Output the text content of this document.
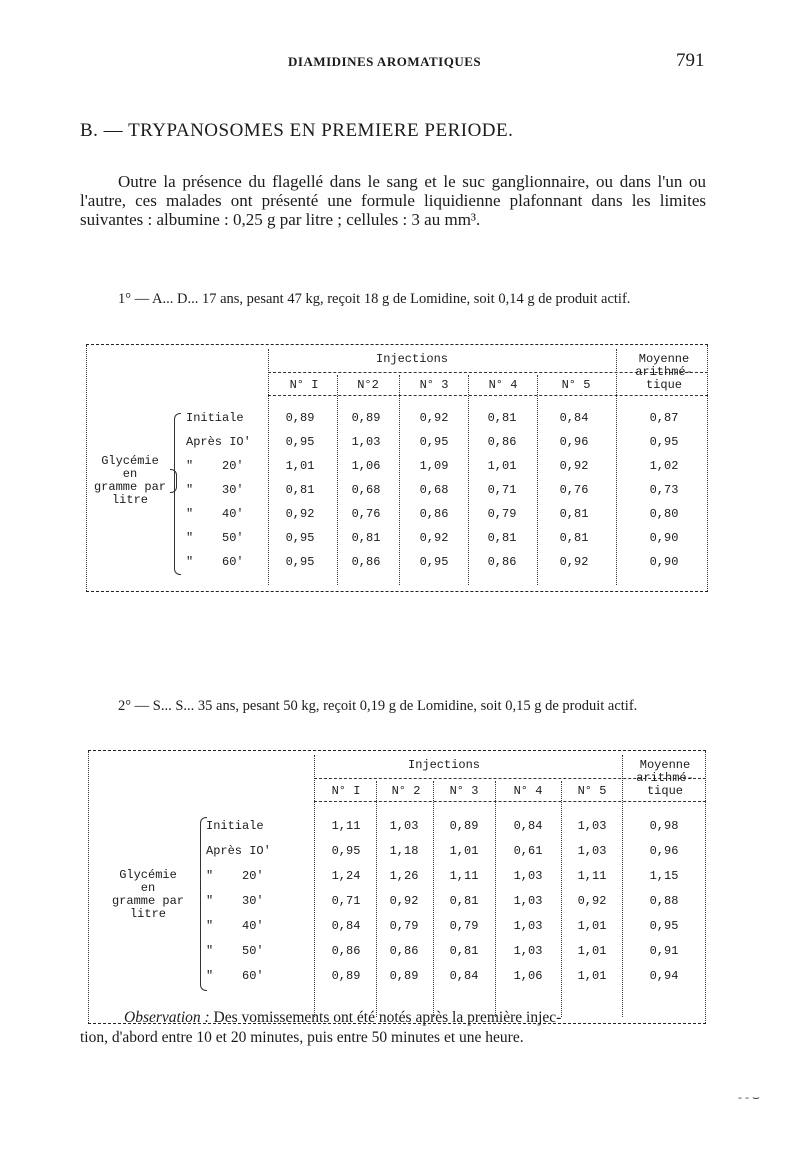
DIAMIDINES AROMATIQUES	791
B. — TRYPANOSOMES EN PREMIERE PERIODE.

Outre la présence du flagellé dans le sang et le suc ganglionnaire, ou dans l'un ou l'autre, ces malades ont présenté une formule liquidienne plafonnant dans les limites suivantes : albumine : 0,25 g par litre ; cellules : 3 au mm³.

1° — A... D... 17 ans, pesant 47 kg, reçoit 18 g de Lomidine, soit 0,14 g de produit actif.

Injections	Moyenne
arithmé-
tique
N° I	N°2	N° 3	N° 4	N° 5
Glycémie
en
gramme par
litre
Initiale	0,89	0,89	0,92	0,81	0,84	0,87
Après IO'	0,95	1,03	0,95	0,86	0,96	0,95
"    20'	1,01	1,06	1,09	1,01	0,92	1,02
"    30'	0,81	0,68	0,68	0,71	0,76	0,73
"    40'	0,92	0,76	0,86	0,79	0,81	0,80
"    50'	0,95	0,81	0,92	0,81	0,81	0,90
"    60'	0,95	0,86	0,95	0,86	0,92	0,90

2° — S... S... 35 ans, pesant 50 kg, reçoit 0,19 g de Lomidine, soit 0,15 g de produit actif.

Injections	Moyenne
arithmé-
tique
N° I	N° 2	N° 3	N° 4	N° 5
Glycémie
en
gramme par
litre
Initiale	1,11	1,03	0,89	0,84	1,03	0,98
Après IO'	0,95	1,18	1,01	0,61	1,03	0,96
"    20'	1,24	1,26	1,11	1,03	1,11	1,15
"    30'	0,71	0,92	0,81	1,03	0,92	0,88
"    40'	0,84	0,79	0,79	1,03	1,01	0,95
"    50'	0,86	0,86	0,81	1,03	1,01	0,91
"    60'	0,89	0,89	0,84	1,06	1,01	0,94

Observation : Des vomissements ont été notés après la première injec-
tion, d'abord entre 10 et 20 minutes, puis entre 50 minutes et une heure.

- - ⌣
